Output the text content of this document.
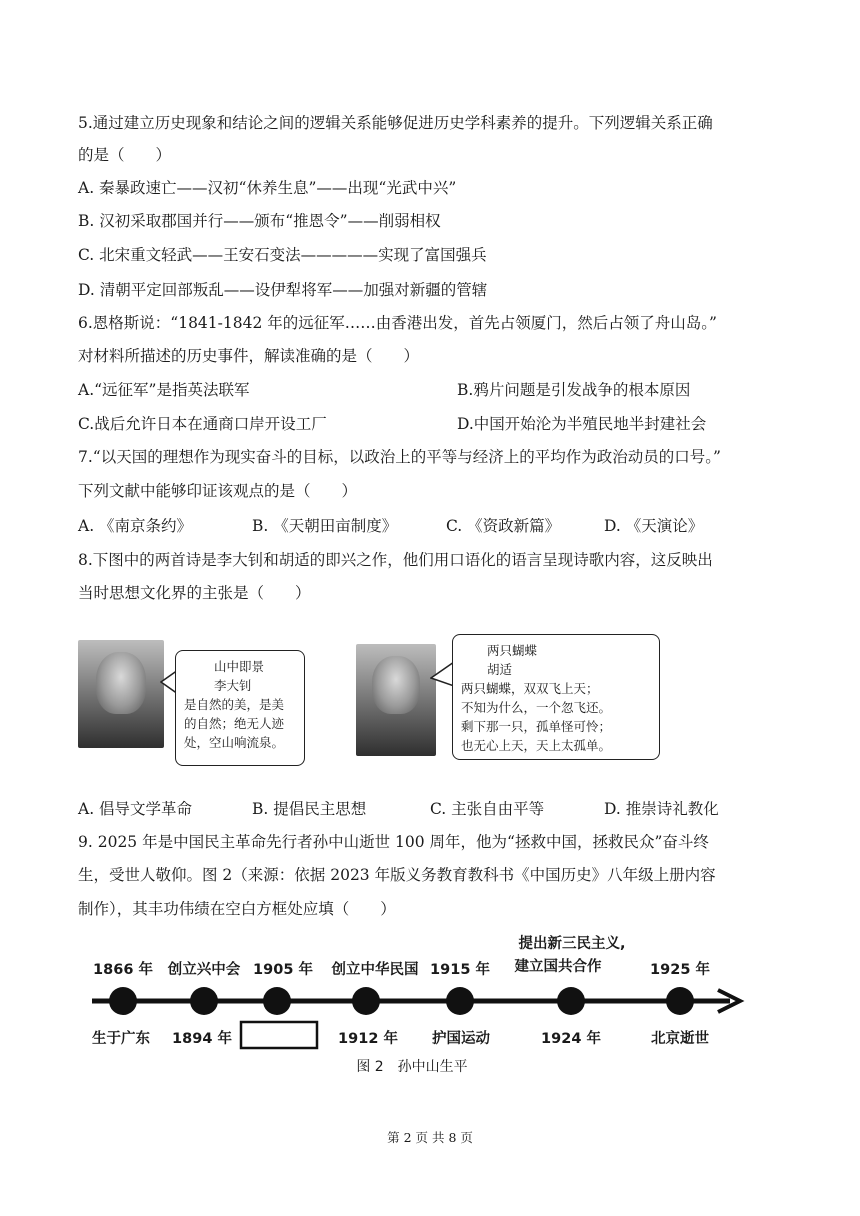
5.通过建立历史现象和结论之间的逻辑关系能够促进历史学科素养的提升。下列逻辑关系正确
的是（　　）
A. 秦暴政速亡——汉初“休养生息”——出现“光武中兴”
B. 汉初采取郡国并行——颁布“推恩令”——削弱相权
C. 北宋重文轻武——王安石变法—————实现了富国强兵
D. 清朝平定回部叛乱——设伊犁将军——加强对新疆的管辖
6.恩格斯说：“1841-1842 年的远征军……由香港出发，首先占领厦门，然后占领了舟山岛。”
对材料所描述的历史事件，解读准确的是（　　）
A.“远征军”是指英法联军	B.鸦片问题是引发战争的根本原因
C.战后允许日本在通商口岸开设工厂	D.中国开始沦为半殖民地半封建社会
7.“以天国的理想作为现实奋斗的目标，以政治上的平等与经济上的平均作为政治动员的口号。”
下列文献中能够印证该观点的是（　　）
A. 《南京条约》	B. 《天朝田亩制度》	C. 《资政新篇》	D. 《天演论》
8.下图中的两首诗是李大钊和胡适的即兴之作，他们用口语化的语言呈现诗歌内容，这反映出
当时思想文化界的主张是（　　）
山中即景
李大钊
是自然的美，是美
的自然；绝无人迹
处，空山响流泉。
两只蝴蝶
胡适
两只蝴蝶，双双飞上天；
不知为什么，一个忽飞还。
剩下那一只，孤单怪可怜；
也无心上天，天上太孤单。
A. 倡导文学革命	B. 提倡民主思想	C. 主张自由平等	D. 推崇诗礼教化
9. 2025 年是中国民主革命先行者孙中山逝世 100 周年，他为“拯救中国，拯救民众”奋斗终
生，受世人敬仰。图 2（来源：依据 2023 年版义务教育教科书《中国历史》八年级上册内容
制作），其丰功伟绩在空白方框处应填（　　）
1866 年 创立兴中会 1905 年 创立中华民国 1915 年
提出新三民主义,
建立国共合作	1925 年
生于广东 1894 年	1912 年 护国运动	1924 年	北京逝世
图 2　孙中山生平
第 2 页 共 8 页
